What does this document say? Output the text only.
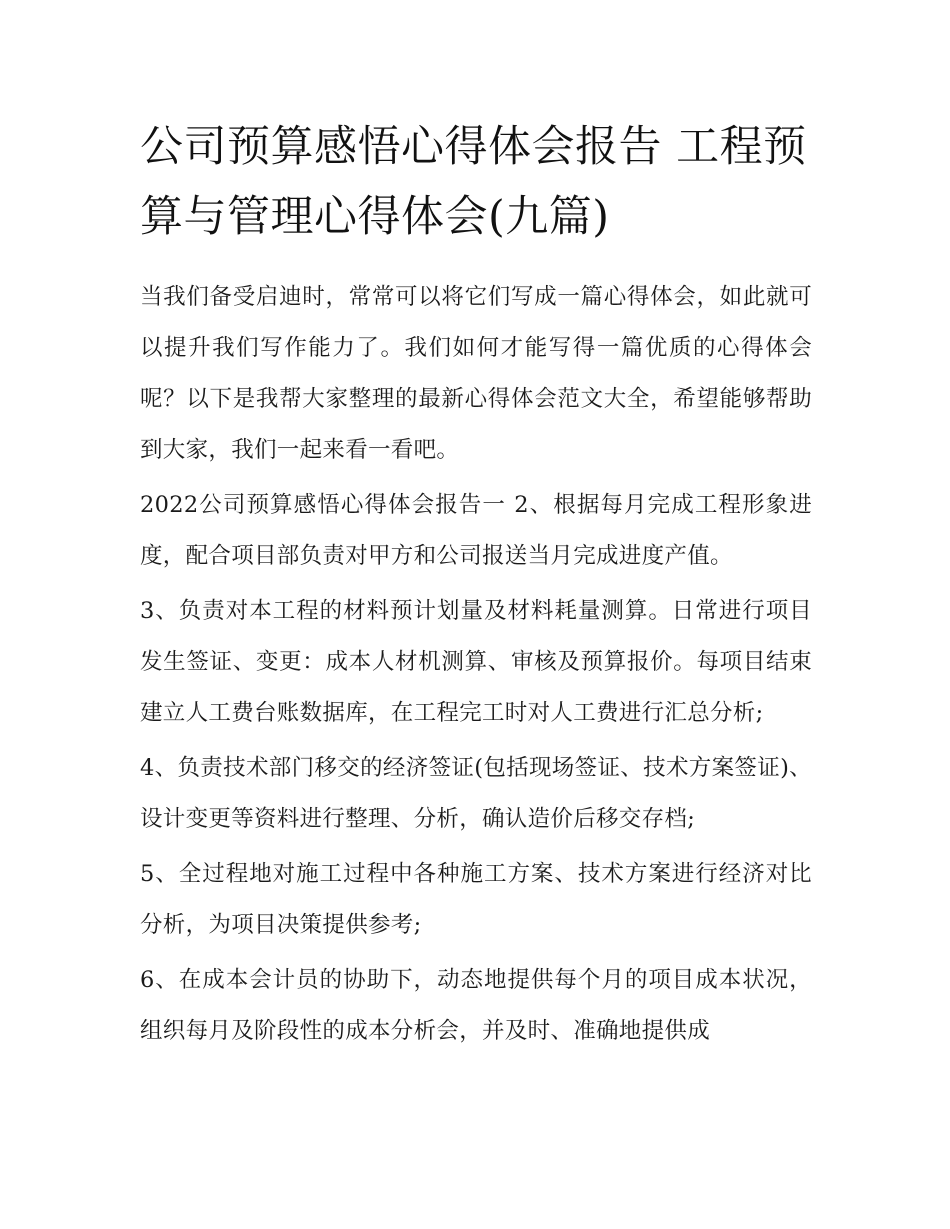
公司预算感悟心得体会报告 工程预算与管理心得体会(九篇)

当我们备受启迪时，常常可以将它们写成一篇心得体会，如此就可以提升我们写作能力了。我们如何才能写得一篇优质的心得体会呢？以下是我帮大家整理的最新心得体会范文大全，希望能够帮助到大家，我们一起来看一看吧。

2022公司预算感悟心得体会报告一 2、根据每月完成工程形象进度，配合项目部负责对甲方和公司报送当月完成进度产值。

3、负责对本工程的材料预计划量及材料耗量测算。日常进行项目发生签证、变更：成本人材机测算、审核及预算报价。每项目结束建立人工费台账数据库，在工程完工时对人工费进行汇总分析;

4、负责技术部门移交的经济签证(包括现场签证、技术方案签证)、设计变更等资料进行整理、分析，确认造价后移交存档;

5、全过程地对施工过程中各种施工方案、技术方案进行经济对比分析，为项目决策提供参考;

6、在成本会计员的协助下，动态地提供每个月的项目成本状况，组织每月及阶段性的成本分析会，并及时、准确地提供成
